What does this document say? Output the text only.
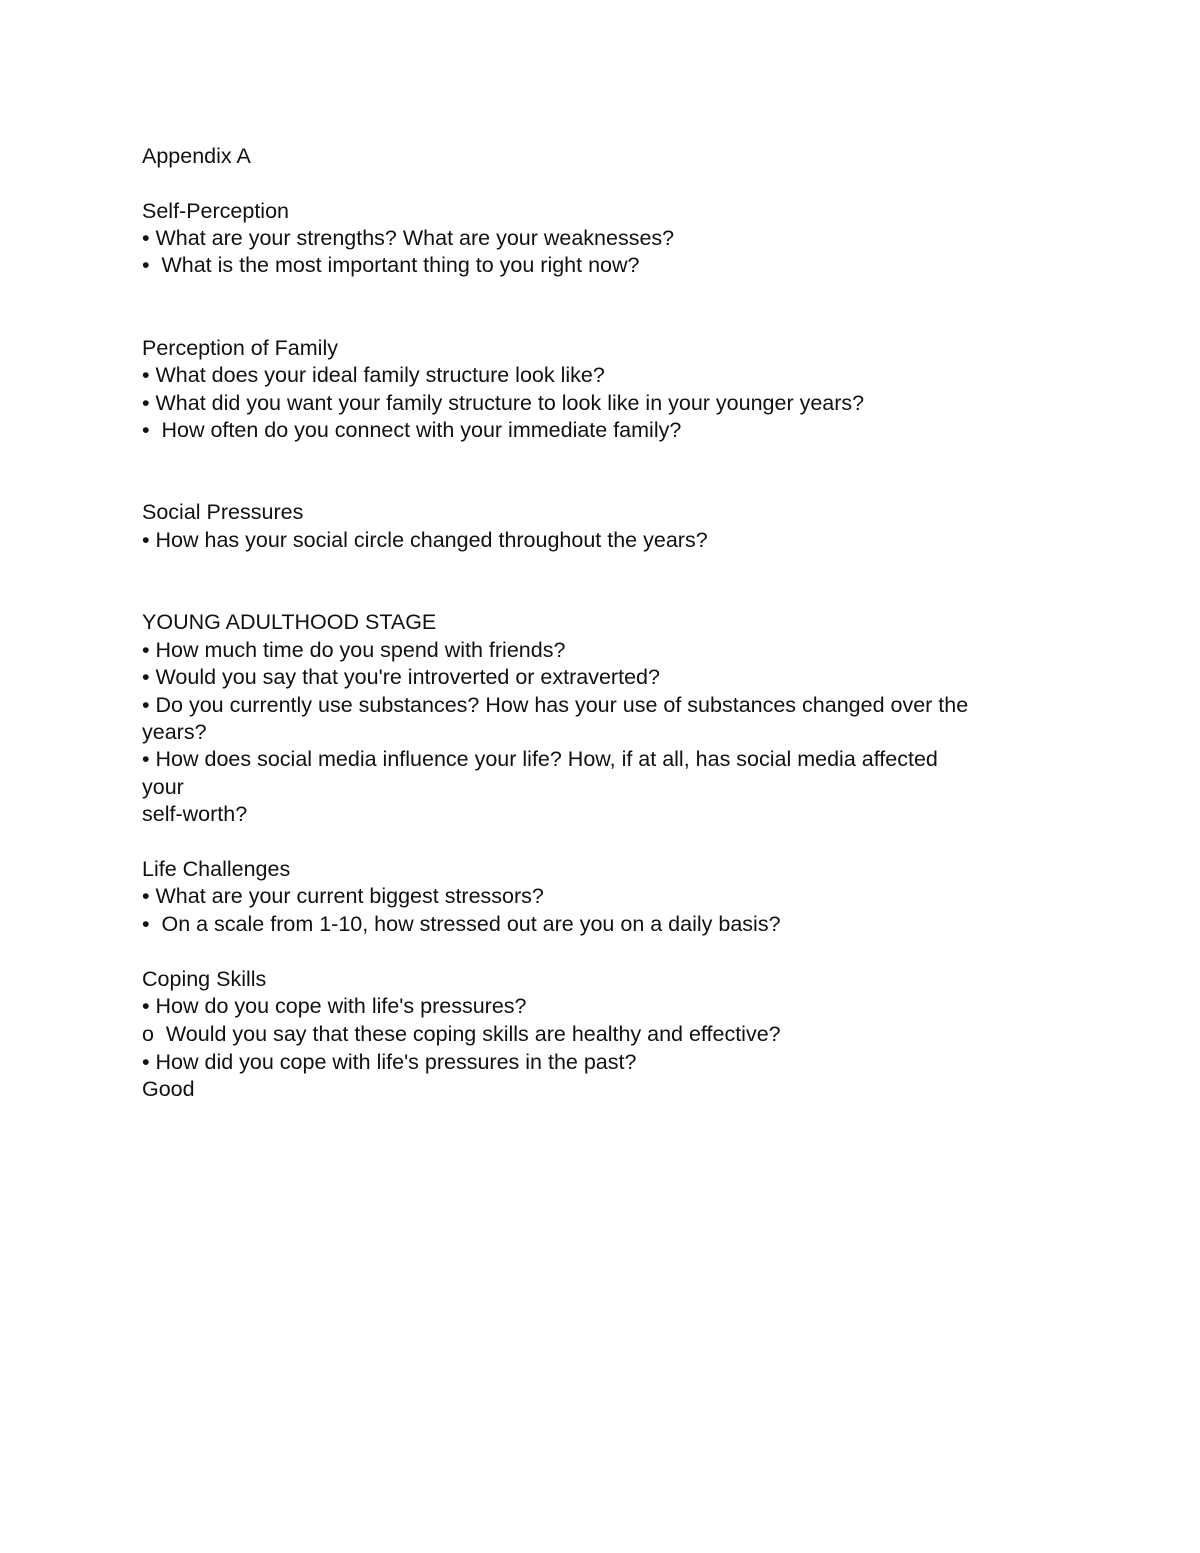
Appendix A

Self-Perception

• What are your strengths? What are your weaknesses?

•  What is the most important thing to you right now?

Perception of Family

• What does your ideal family structure look like?

• What did you want your family structure to look like in your younger years?

•  How often do you connect with your immediate family?

Social Pressures

• How has your social circle changed throughout the years?

YOUNG ADULTHOOD STAGE

• How much time do you spend with friends?

• Would you say that you're introverted or extraverted?

• Do you currently use substances? How has your use of substances changed over the

years?

• How does social media influence your life? How, if at all, has social media affected

your

self-worth?

Life Challenges

• What are your current biggest stressors?

•  On a scale from 1-10, how stressed out are you on a daily basis?

Coping Skills

• How do you cope with life's pressures?

o  Would you say that these coping skills are healthy and effective?

• How did you cope with life's pressures in the past?

Good
